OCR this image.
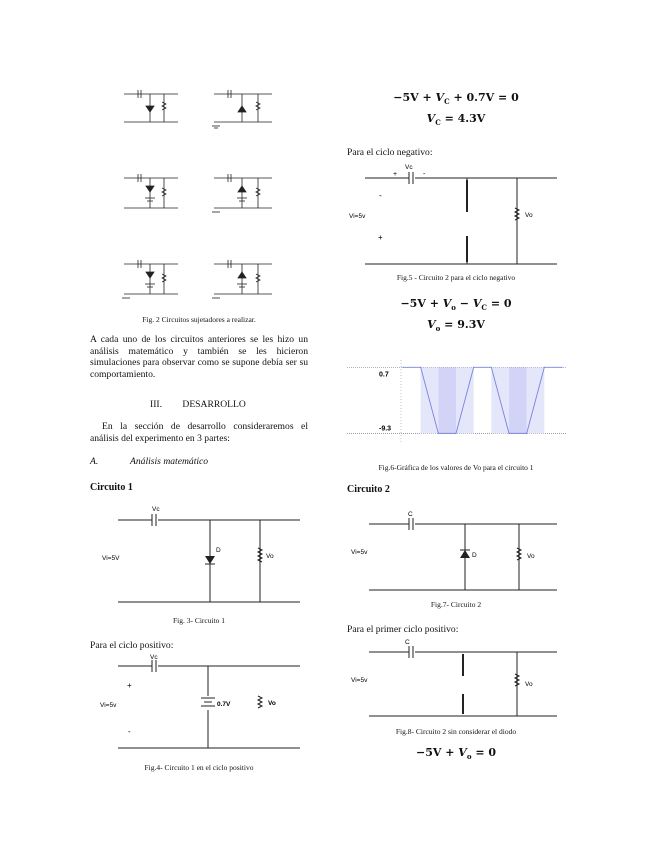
Fig. 2 Circuitos sujetadores a realizar.
A cada uno de los circuitos anteriores se les hizo un análisis matemático y también se les hicieron simulaciones para observar como se supone debía ser su comportamiento.
III. DESARROLLO
En la sección de desarrollo consideraremos el análisis del experimento en 3 partes:
A.	Análisis matemático
Circuito 1
Vc
D
Vi=5V	Vo
Fig. 3- Circuito 1
Para el ciclo positivo:
Vc
+
Vi=5v
-
0.7V	Vo
Fig.4- Circuito 1 en el ciclo positivo
$-5V + V_C + 0.7V = 0$
$V_C = 4.3V$
Para el ciclo negativo:
Vc
+	-
-
Vi=5v
+
Vo
Fig.5 - Circuito 2 para el ciclo negativo
$-5V + V_o - V_C = 0$
$V_o = 9.3V$
0.7
-9.3
Fig.6-Gráfica de los valores de Vo para el circuito 1
Circuito 2
C
D
Vi=5v
Vo
Fig.7- Circuito 2
Para el primer ciclo positivo:
C
Vi=5v
Vo
Fig.8- Circuito 2 sin considerar el diodo
$-5V + V_o = 0$
